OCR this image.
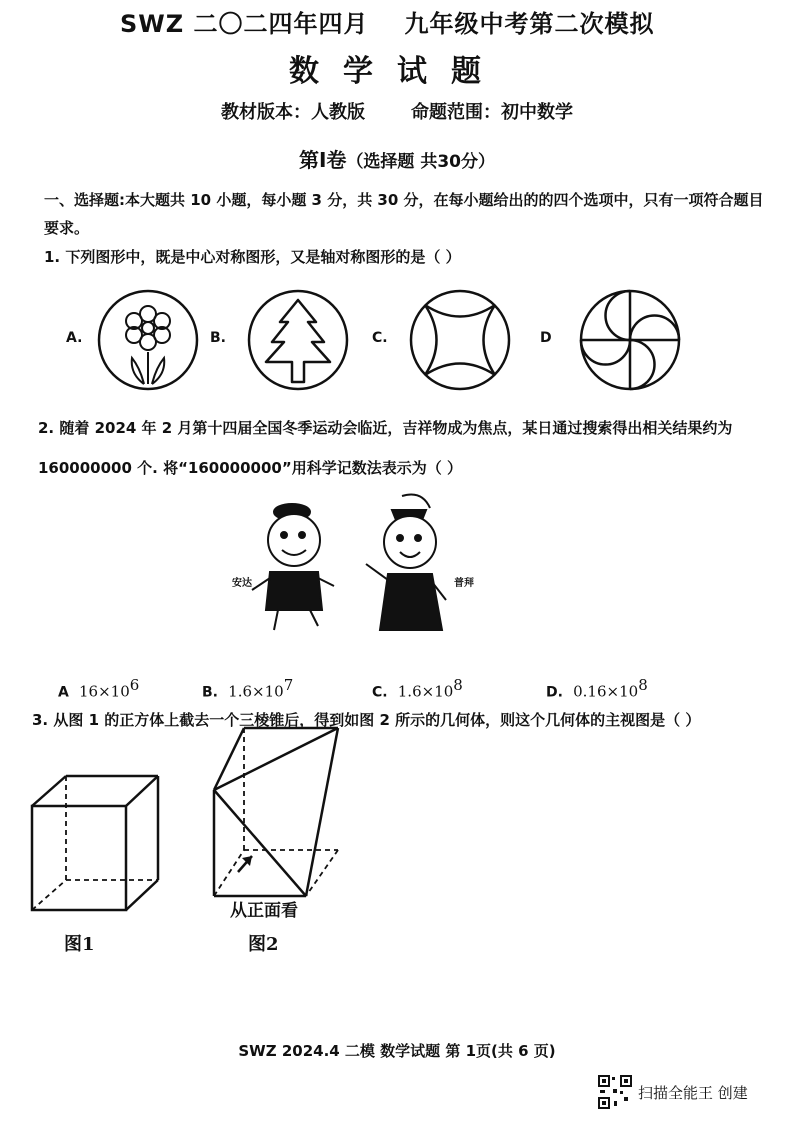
SWZ 二〇二四年四月 九年级中考第二次模拟
数学试题
教材版本：人教版	命题范围：初中数学
第Ⅰ卷（选择题 共30分）
一、选择题:本大题共 10 小题，每小题 3 分，共 30 分，在每小题给出的的四个选项中，只有一项符合题目要求。
1. 下列图形中，既是中心对称图形，又是轴对称图形的是（ ）
A.	B.	C.	D
2. 随着 2024 年 2 月第十四届全国冬季运动会临近，吉祥物成为焦点，某日通过搜索得出相关结果约为 160000000 个. 将“160000000”用科学记数法表示为（ ）
安达	普拜
A $16\times 10^6$	B. $1.6\times 10^7$	C. $1.6\times 10^8$	D. $0.16\times 10^8$
3. 从图 1 的正方体上截去一个三棱锥后，得到如图 2 所示的几何体，则这个几何体的主视图是（ ）
从正面看
图1	图2
SWZ 2024.4 二模 数学试题 第 1页(共 6 页)
扫描全能王 创建
